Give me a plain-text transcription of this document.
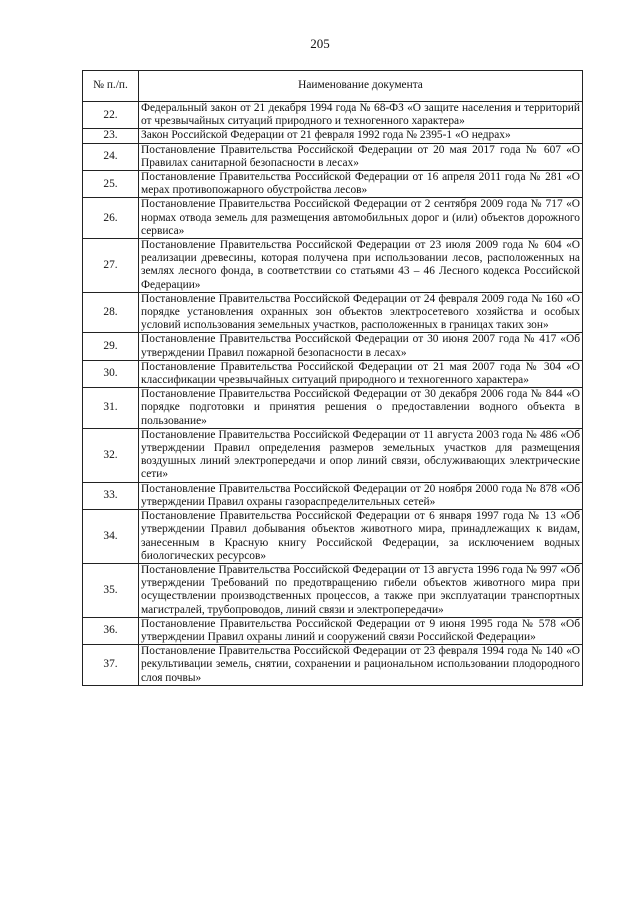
205
№ п./п.	Наименование документа
22.	Федеральный закон от 21 декабря 1994 года № 68-ФЗ «О защите населения и территорий от чрезвычайных ситуаций природного и техногенного характера»
23.	Закон Российской Федерации от 21 февраля 1992 года № 2395-1 «О недрах»
24.	Постановление Правительства Российской Федерации от 20 мая 2017 года № 607 «О Правилах санитарной безопасности в лесах»
25.	Постановление Правительства Российской Федерации от 16 апреля 2011 года № 281 «О мерах противопожарного обустройства лесов»
26.	Постановление Правительства Российской Федерации от 2 сентября 2009 года № 717 «О нормах отвода земель для размещения автомобильных дорог и (или) объектов дорожного сервиса»
27.	Постановление Правительства Российской Федерации от 23 июля 2009 года № 604 «О реализации древесины, которая получена при использовании лесов, расположенных на землях лесного фонда, в соответствии со статьями 43 – 46 Лесного кодекса Российской Федерации»
28.	Постановление Правительства Российской Федерации от 24 февраля 2009 года № 160 «О порядке установления охранных зон объектов электросетевого хозяйства и особых условий использования земельных участков, расположенных в границах таких зон»
29.	Постановление Правительства Российской Федерации от 30 июня 2007 года № 417 «Об утверждении Правил пожарной безопасности в лесах»
30.	Постановление Правительства Российской Федерации от 21 мая 2007 года № 304 «О классификации чрезвычайных ситуаций природного и техногенного характера»
31.	Постановление Правительства Российской Федерации от 30 декабря 2006 года № 844 «О порядке подготовки и принятия решения о предоставлении водного объекта в пользование»
32.	Постановление Правительства Российской Федерации от 11 августа 2003 года № 486 «Об утверждении Правил определения размеров земельных участков для размещения воздушных линий электропередачи и опор линий связи, обслуживающих электрические сети»
33.	Постановление Правительства Российской Федерации от 20 ноября 2000 года № 878 «Об утверждении Правил охраны газораспределительных сетей»
34.	Постановление Правительства Российской Федерации от 6 января 1997 года № 13 «Об утверждении Правил добывания объектов животного мира, принадлежащих к видам, занесенным в Красную книгу Российской Федерации, за исключением водных биологических ресурсов»
35.	Постановление Правительства Российской Федерации от 13 августа 1996 года № 997 «Об утверждении Требований по предотвращению гибели объектов животного мира при осуществлении производственных процессов, а также при эксплуатации транспортных магистралей, трубопроводов, линий связи и электропередачи»
36.	Постановление Правительства Российской Федерации от 9 июня 1995 года № 578 «Об утверждении Правил охраны линий и сооружений связи Российской Федерации»
37.	Постановление Правительства Российской Федерации от 23 февраля 1994 года № 140 «О рекультивации земель, снятии, сохранении и рациональном использовании плодородного слоя почвы»
